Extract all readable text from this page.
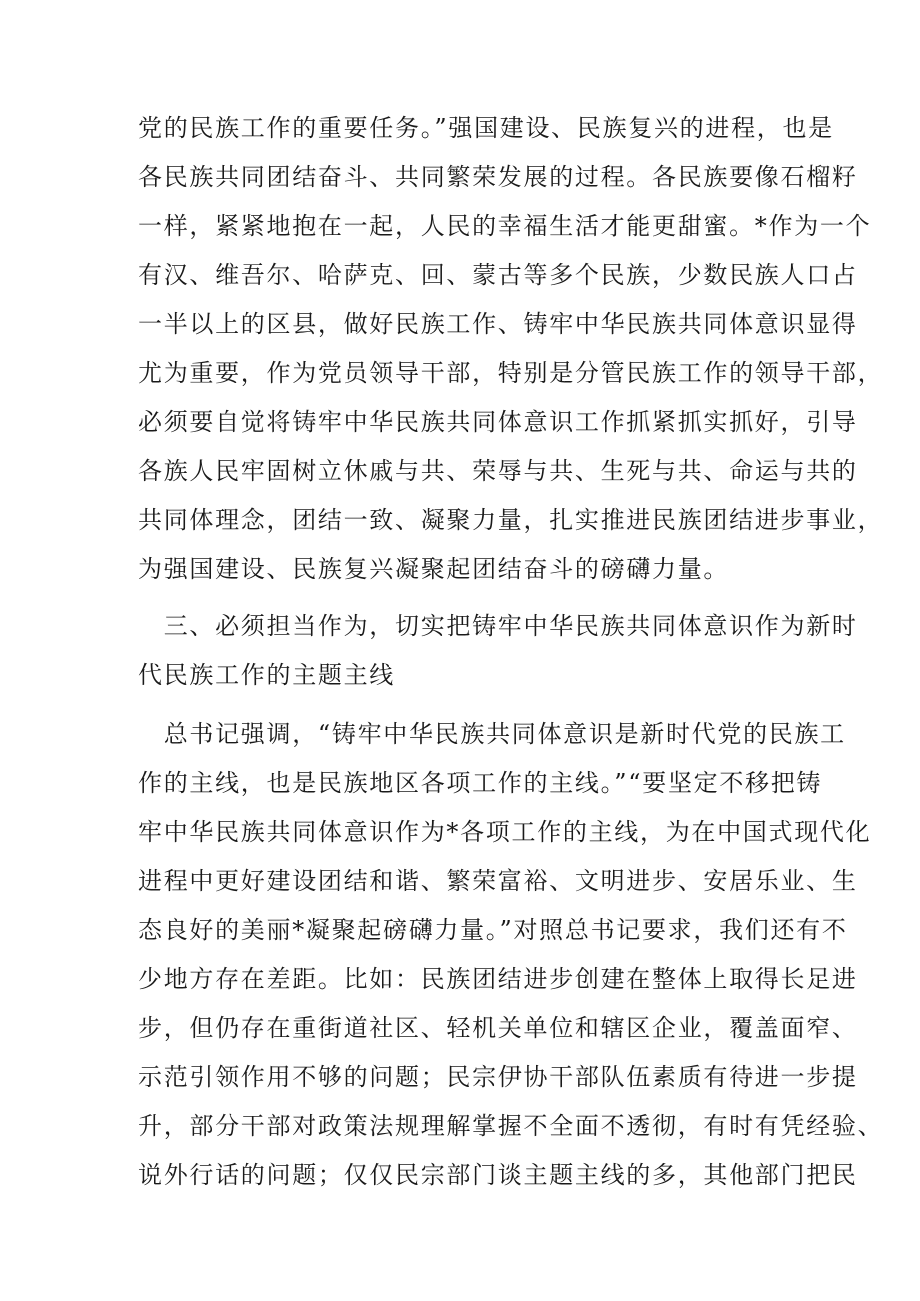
党的民族工作的重要任务。”强国建设、民族复兴的进程，也是
各民族共同团结奋斗、共同繁荣发展的过程。各民族要像石榴籽
一样，紧紧地抱在一起，人民的幸福生活才能更甜蜜。*作为一个
有汉、维吾尔、哈萨克、回、蒙古等多个民族，少数民族人口占
一半以上的区县，做好民族工作、铸牢中华民族共同体意识显得
尤为重要，作为党员领导干部，特别是分管民族工作的领导干部，
必须要自觉将铸牢中华民族共同体意识工作抓紧抓实抓好，引导
各族人民牢固树立休戚与共、荣辱与共、生死与共、命运与共的
共同体理念，团结一致、凝聚力量，扎实推进民族团结进步事业，
为强国建设、民族复兴凝聚起团结奋斗的磅礴力量。
　三、必须担当作为，切实把铸牢中华民族共同体意识作为新时
代民族工作的主题主线
　总书记强调，“铸牢中华民族共同体意识是新时代党的民族工
作的主线，也是民族地区各项工作的主线。”“要坚定不移把铸
牢中华民族共同体意识作为*各项工作的主线，为在中国式现代化
进程中更好建设团结和谐、繁荣富裕、文明进步、安居乐业、生
态良好的美丽*凝聚起磅礴力量。”对照总书记要求，我们还有不
少地方存在差距。比如：民族团结进步创建在整体上取得长足进
步，但仍存在重街道社区、轻机关单位和辖区企业，覆盖面窄、
示范引领作用不够的问题；民宗伊协干部队伍素质有待进一步提
升，部分干部对政策法规理解掌握不全面不透彻，有时有凭经验、
说外行话的问题；仅仅民宗部门谈主题主线的多，其他部门把民
